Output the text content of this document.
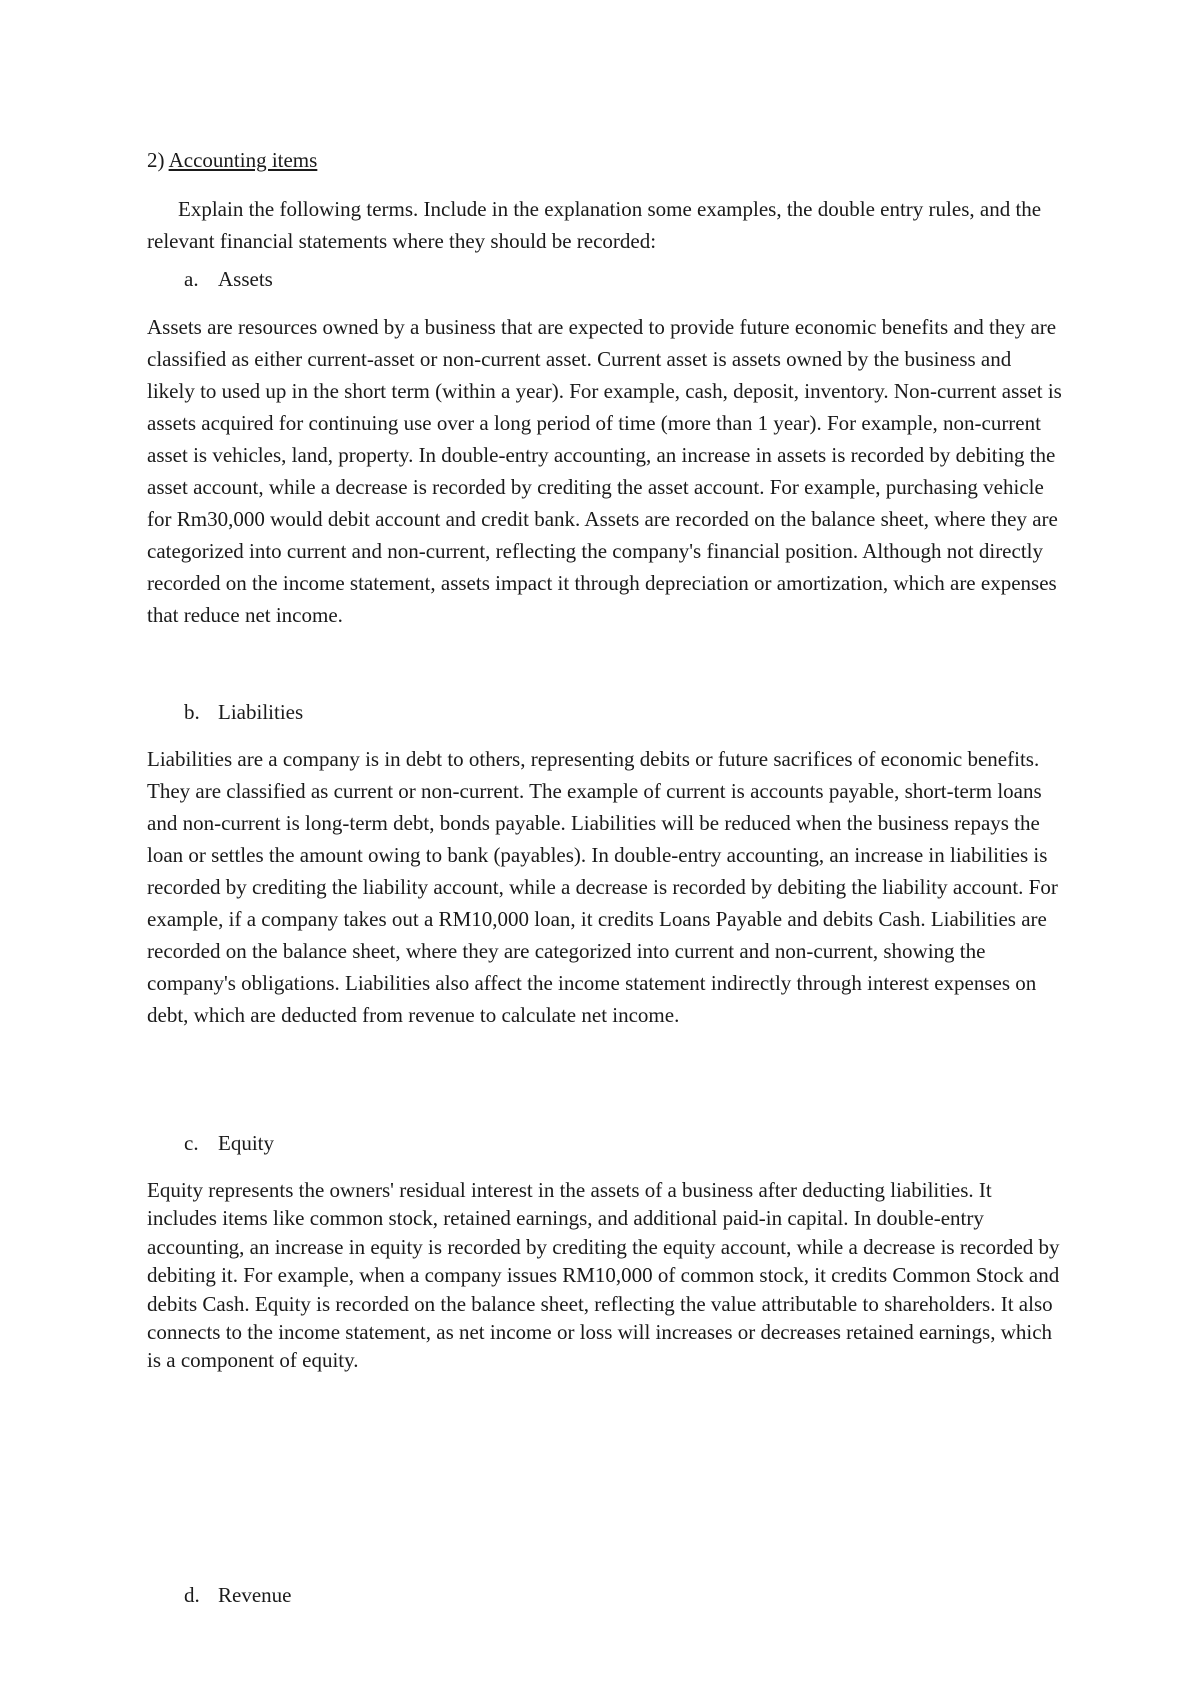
2) Accounting items

Explain the following terms. Include in the explanation some examples, the double entry rules, and the relevant financial statements where they should be recorded:

a. Assets

Assets are resources owned by a business that are expected to provide future economic benefits and they are classified as either current-asset or non-current asset. Current asset is assets owned by the business and likely to used up in the short term (within a year). For example, cash, deposit, inventory. Non-current asset is assets acquired for continuing use over a long period of time (more than 1 year). For example, non-current asset is vehicles, land, property. In double-entry accounting, an increase in assets is recorded by debiting the asset account, while a decrease is recorded by crediting the asset account. For example, purchasing vehicle for Rm30,000 would debit account and credit bank. Assets are recorded on the balance sheet, where they are categorized into current and non-current, reflecting the company's financial position. Although not directly recorded on the income statement, assets impact it through depreciation or amortization, which are expenses that reduce net income.

b. Liabilities

Liabilities are a company is in debt to others, representing debits or future sacrifices of economic benefits. They are classified as current or non-current. The example of current is accounts payable, short-term loans and non-current is long-term debt, bonds payable. Liabilities will be reduced when the business repays the loan or settles the amount owing to bank (payables). In double-entry accounting, an increase in liabilities is recorded by crediting the liability account, while a decrease is recorded by debiting the liability account. For example, if a company takes out a RM10,000 loan, it credits Loans Payable and debits Cash. Liabilities are recorded on the balance sheet, where they are categorized into current and non-current, showing the company's obligations. Liabilities also affect the income statement indirectly through interest expenses on debt, which are deducted from revenue to calculate net income.

c. Equity

Equity represents the owners' residual interest in the assets of a business after deducting liabilities. It includes items like common stock, retained earnings, and additional paid-in capital. In double-entry accounting, an increase in equity is recorded by crediting the equity account, while a decrease is recorded by debiting it. For example, when a company issues RM10,000 of common stock, it credits Common Stock and debits Cash. Equity is recorded on the balance sheet, reflecting the value attributable to shareholders. It also connects to the income statement, as net income or loss will increases or decreases retained earnings, which is a component of equity.

d. Revenue
